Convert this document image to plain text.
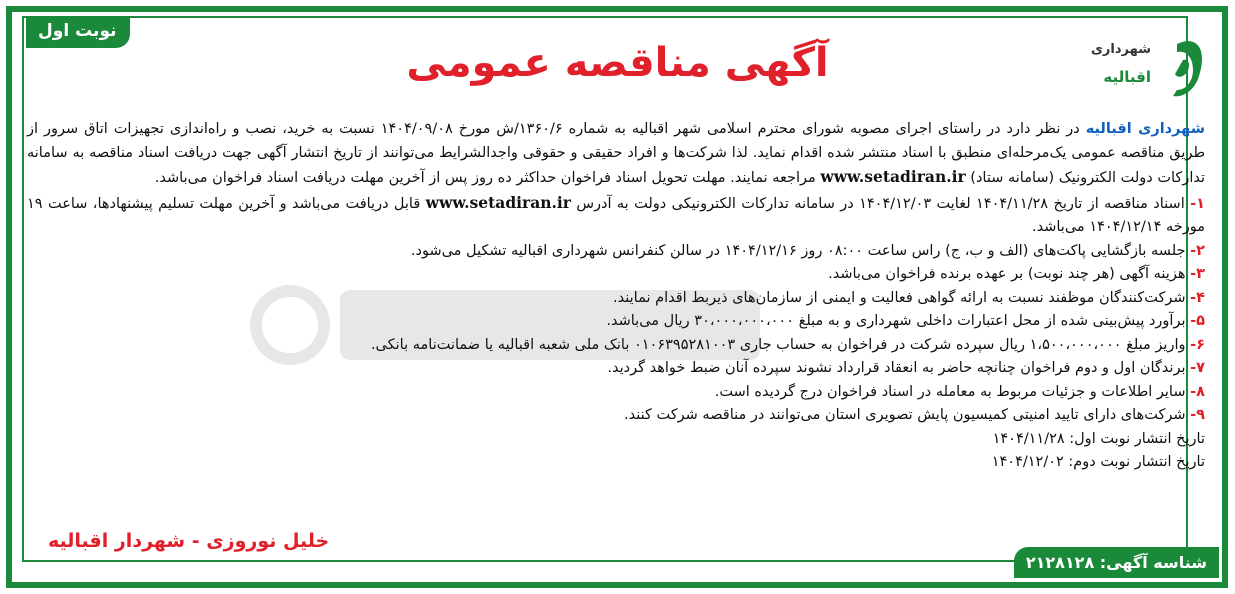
نوبت اول
شهرداری
اقبالیه
آگهی مناقصه عمومی

شهرداری اقبالیه در نظر دارد در راستای اجرای مصوبه شورای محترم اسلامی شهر اقبالیه به شماره ۱۳۶۰/۶/ش مورخ ۱۴۰۴/۰۹/۰۸ نسبت به خرید، نصب و راه‌اندازی تجهیزات اتاق سرور از طریق مناقصه عمومی یک‌مرحله‌ای منطبق با اسناد منتشر شده اقدام نماید. لذا شرکت‌ها و افراد حقیقی و حقوقی واجدالشرایط می‌توانند از تاریخ انتشار آگهی جهت دریافت اسناد مناقصه به سامانه تدارکات دولت الکترونیک (سامانه ستاد) www.setadiran.ir مراجعه نمایند. مهلت تحویل اسناد فراخوان حداکثر ده روز پس از آخرین مهلت دریافت اسناد فراخوان می‌باشد.

۱- اسناد مناقصه از تاریخ ۱۴۰۴/۱۱/۲۸ لغایت ۱۴۰۴/۱۲/۰۳ در سامانه تدارکات الکترونیکی دولت به آدرس www.setadiran.ir قابل دریافت می‌باشد و آخرین مهلت تسلیم پیشنهادها، ساعت ۱۹ مورخه ۱۴۰۴/۱۲/۱۴ می‌باشد.

۲- جلسه بازگشایی پاکت‌های (الف و ب، ج) راس ساعت ۰۸:۰۰ روز ۱۴۰۴/۱۲/۱۶ در سالن کنفرانس شهرداری اقبالیه تشکیل می‌شود.

۳- هزینه آگهی (هر چند نوبت) بر عهده برنده فراخوان می‌باشد.

۴- شرکت‌کنندگان موظفند نسبت به ارائه گواهی فعالیت و ایمنی از سازمان‌های ذیربط اقدام نمایند.

۵- برآورد پیش‌بینی شده از محل اعتبارات داخلی شهرداری و به مبلغ ۳۰،۰۰۰،۰۰۰،۰۰۰ ریال می‌باشد.

۶- واریز مبلغ ۱،۵۰۰،۰۰۰،۰۰۰ ریال سپرده شرکت در فراخوان به حساب جاری ۰۱۰۶۳۹۵۲۸۱۰۰۳ بانک ملی شعبه اقبالیه یا ضمانت‌نامه بانکی.

۷- برندگان اول و دوم فراخوان چنانچه حاضر به انعقاد قرارداد نشوند سپرده آنان ضبط خواهد گردید.

۸- سایر اطلاعات و جزئیات مربوط به معامله در اسناد فراخوان درج گردیده است.

۹- شرکت‌های دارای تایید امنیتی کمیسیون پایش تصویری استان می‌توانند در مناقصه شرکت کنند.

تاریخ انتشار نوبت اول: ۱۴۰۴/۱۱/۲۸

تاریخ انتشار نوبت دوم: ۱۴۰۴/۱۲/۰۲

خلیل نوروزی - شهردار اقبالیه
شناسه آگهی: ۲۱۲۸۱۲۸
